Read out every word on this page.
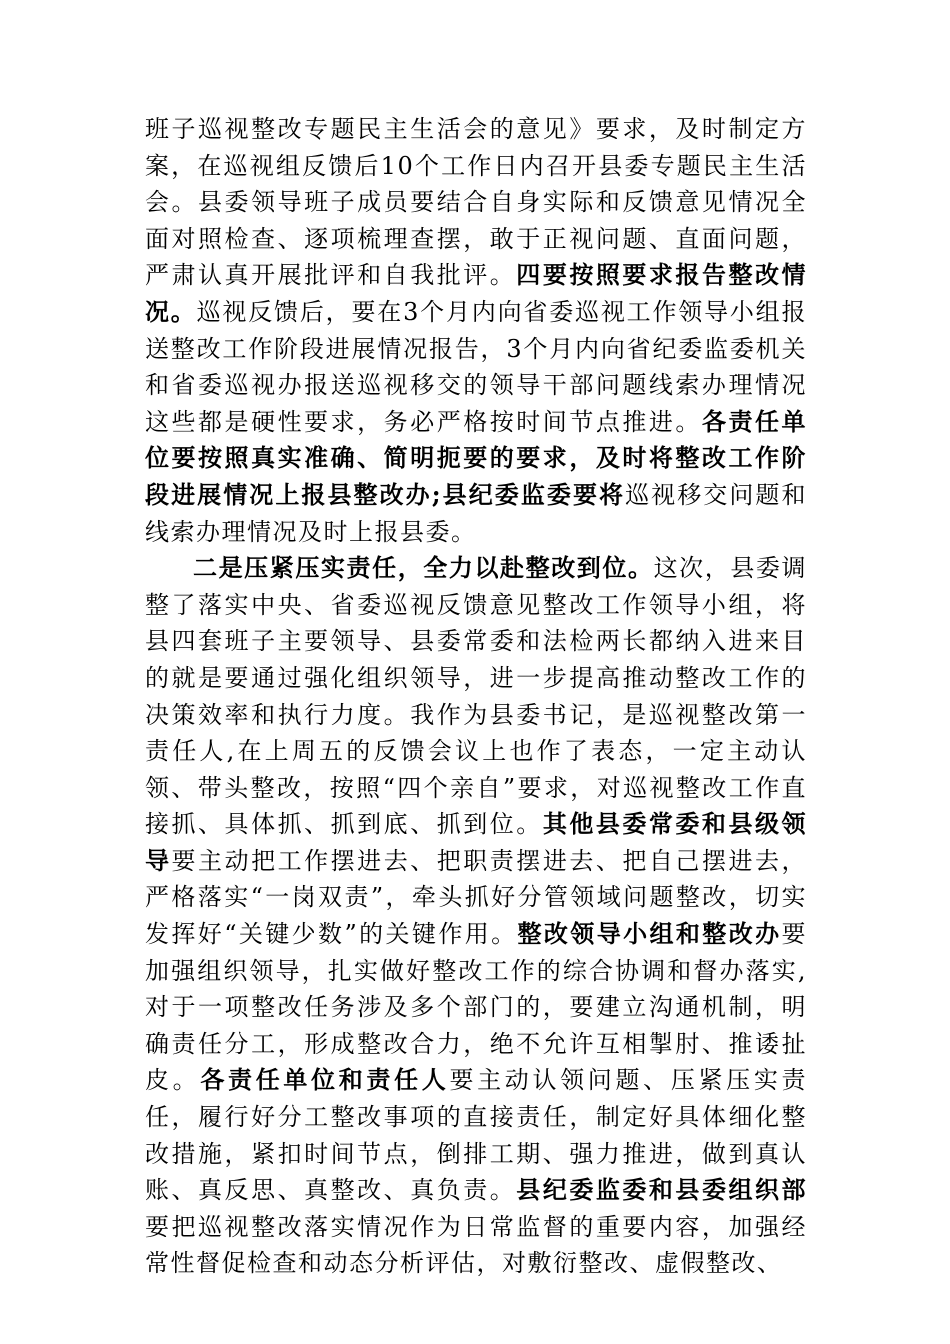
班子巡视整改专题民主生活会的意见》要求，及时制定方案，在巡视组反馈后10个工作日内召开县委专题民主生活会。县委领导班子成员要结合自身实际和反馈意见情况全面对照检查、逐项梳理查摆，敢于正视问题、直面问题，严肃认真开展批评和自我批评。四要按照要求报告整改情况。巡视反馈后，要在3个月内向省委巡视工作领导小组报送整改工作阶段进展情况报告，3个月内向省纪委监委机关和省委巡视办报送巡视移交的领导干部问题线索办理情况这些都是硬性要求，务必严格按时间节点推进。各责任单位要按照真实准确、简明扼要的要求，及时将整改工作阶段进展情况上报县整改办;县纪委监委要将巡视移交问题和线索办理情况及时上报县委。

二是压紧压实责任，全力以赴整改到位。这次，县委调整了落实中央、省委巡视反馈意见整改工作领导小组，将县四套班子主要领导、县委常委和法检两长都纳入进来目的就是要通过强化组织领导，进一步提高推动整改工作的决策效率和执行力度。我作为县委书记，是巡视整改第一责任人,在上周五的反馈会议上也作了表态，一定主动认领、带头整改，按照“四个亲自”要求，对巡视整改工作直接抓、具体抓、抓到底、抓到位。其他县委常委和县级领导要主动把工作摆进去、把职责摆进去、把自己摆进去，严格落实“一岗双责”，牵头抓好分管领域问题整改，切实发挥好“关键少数”的关键作用。整改领导小组和整改办要加强组织领导，扎实做好整改工作的综合协调和督办落实,对于一项整改任务涉及多个部门的，要建立沟通机制，明确责任分工，形成整改合力，绝不允许互相掣肘、推诿扯皮。各责任单位和责任人要主动认领问题、压紧压实责任，履行好分工整改事项的直接责任，制定好具体细化整改措施，紧扣时间节点，倒排工期、强力推进，做到真认账、真反思、真整改、真负责。县纪委监委和县委组织部要把巡视整改落实情况作为日常监督的重要内容，加强经常性督促检查和动态分析评估，对敷衍整改、虚假整改、
